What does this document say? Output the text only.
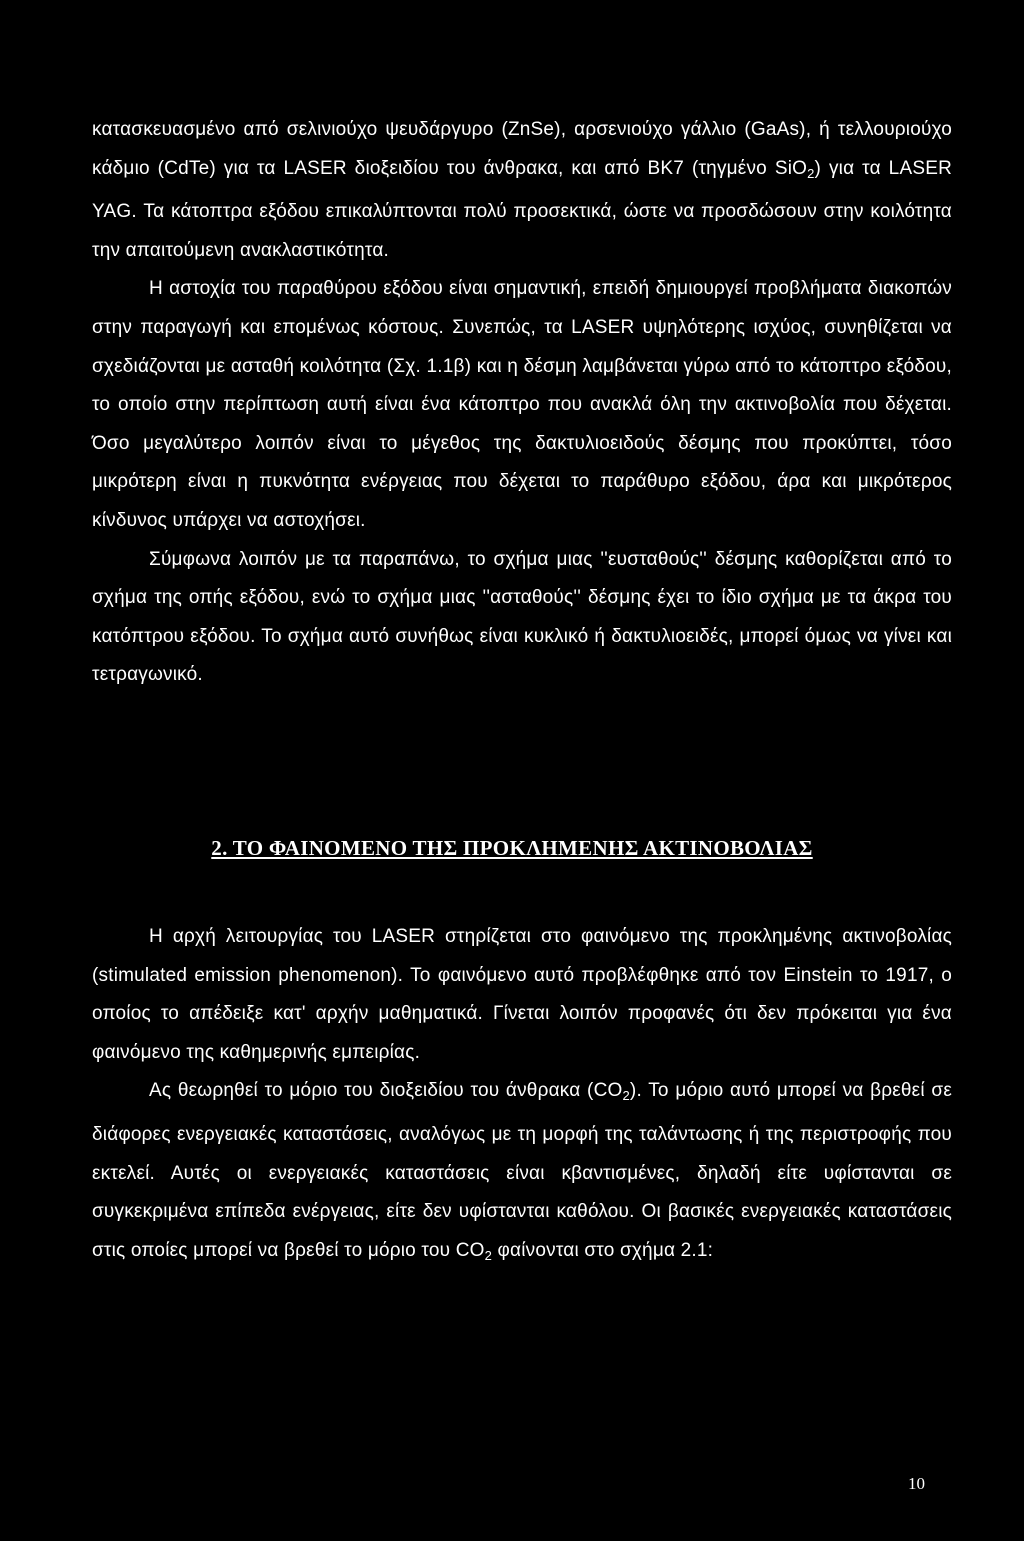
κατασκευασμένο από σελινιούχο ψευδάργυρο (ZnSe), αρσενιούχο γάλλιο (GaAs), ή τελλουριούχο κάδμιο (CdTe) για τα LASER διοξειδίου του άνθρακα, και από BK7 (τηγμένο SiO$_2$) για τα LASER YAG. Τα κάτοπτρα εξόδου επικαλύπτονται πολύ προσεκτικά, ώστε να προσδώσουν στην κοιλότητα την απαιτούμενη ανακλαστικότητα.

Η αστοχία του παραθύρου εξόδου είναι σημαντική, επειδή δημιουργεί προβλήματα διακοπών στην παραγωγή και επομένως κόστους. Συνεπώς, τα LASER υψηλότερης ισχύος, συνηθίζεται να σχεδιάζονται με ασταθή κοιλότητα (Σχ. 1.1β) και η δέσμη λαμβάνεται γύρω από το κάτοπτρο εξόδου, το οποίο στην περίπτωση αυτή είναι ένα κάτοπτρο που ανακλά όλη την ακτινοβολία που δέχεται. Όσο μεγαλύτερο λοιπόν είναι το μέγεθος της δακτυλιοειδούς δέσμης που προκύπτει, τόσο μικρότερη είναι η πυκνότητα ενέργειας που δέχεται το παράθυρο εξόδου, άρα και μικρότερος κίνδυνος υπάρχει να αστοχήσει.

Σύμφωνα λοιπόν με τα παραπάνω, το σχήμα μιας ''ευσταθούς'' δέσμης καθορίζεται από το σχήμα της οπής εξόδου, ενώ το σχήμα μιας ''ασταθούς'' δέσμης έχει το ίδιο σχήμα με τα άκρα του κατόπτρου εξόδου. Το σχήμα αυτό συνήθως είναι κυκλικό ή δακτυλιοειδές, μπορεί όμως να γίνει και τετραγωνικό.

2. ΤΟ ΦΑΙΝΟΜΕΝΟ ΤΗΣ ΠΡΟΚΛΗΜΕΝΗΣ ΑΚΤΙΝΟΒΟΛΙΑΣ

Η αρχή λειτουργίας του LASER στηρίζεται στο φαινόμενο της προκλημένης ακτινοβολίας (stimulated emission phenomenon). Το φαινόμενο αυτό προβλέφθηκε από τον Einstein το 1917, ο οποίος το απέδειξε κατ' αρχήν μαθηματικά. Γίνεται λοιπόν προφανές ότι δεν πρόκειται για ένα φαινόμενο της καθημερινής εμπειρίας.

Ας θεωρηθεί το μόριο του διοξειδίου του άνθρακα $(CO_2)$. Το μόριο αυτό μπορεί να βρεθεί σε διάφορες ενεργειακές καταστάσεις, αναλόγως με τη μορφή της ταλάντωσης ή της περιστροφής που εκτελεί. Αυτές οι ενεργειακές καταστάσεις είναι κβαντισμένες, δηλαδή είτε υφίστανται σε συγκεκριμένα επίπεδα ενέργειας, είτε δεν υφίστανται καθόλου. Οι βασικές ενεργειακές καταστάσεις στις οποίες μπορεί να βρεθεί το μόριο του $CO_2$ φαίνονται στο σχήμα 2.1:

10
